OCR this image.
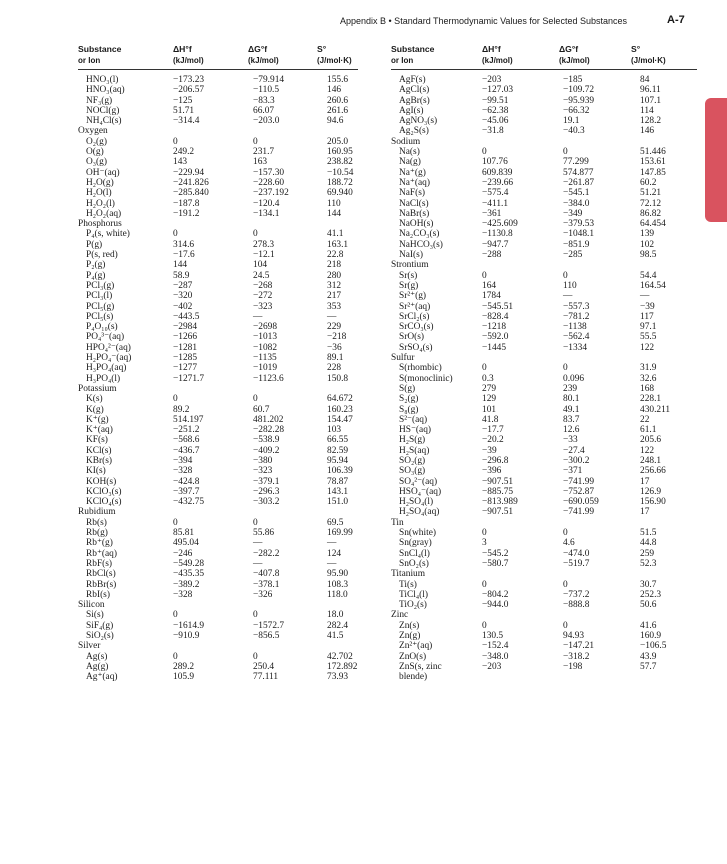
Appendix B • Standard Thermodynamic Values for Selected Substances	A-7
Substance
or Ion
ΔH°f
(kJ/mol)
ΔG°f
(kJ/mol)
S°
(J/mol·K)
HNO₃(l)	−173.23	−79.914	155.6
HNO₃(aq)	−206.57	−110.5	146
NF₃(g)	−125	−83.3	260.6
NOCl(g)	51.71	66.07	261.6
NH₄Cl(s)	−314.4	−203.0	94.6
Oxygen
O₂(g)	0	0	205.0
O(g)	249.2	231.7	160.95
O₃(g)	143	163	238.82
OH⁻(aq)	−229.94	−157.30	−10.54
H₂O(g)	−241.826	−228.60	188.72
H₂O(l)	−285.840	−237.192	69.940
H₂O₂(l)	−187.8	−120.4	110
H₂O₂(aq)	−191.2	−134.1	144
Phosphorus
P₄(s, white)	0	0	41.1
P(g)	314.6	278.3	163.1
P(s, red)	−17.6	−12.1	22.8
P₂(g)	144	104	218
P₄(g)	58.9	24.5	280
PCl₃(g)	−287	−268	312
PCl₃(l)	−320	−272	217
PCl₅(g)	−402	−323	353
PCl₅(s)	−443.5	—	—
P₄O₁₀(s)	−2984	−2698	229
PO₄³⁻(aq)	−1266	−1013	−218
HPO₄²⁻(aq)	−1281	−1082	−36
H₂PO₄⁻(aq)	−1285	−1135	89.1
H₃PO₄(aq)	−1277	−1019	228
H₃PO₄(l)	−1271.7	−1123.6	150.8
Potassium
K(s)	0	0	64.672
K(g)	89.2	60.7	160.23
K⁺(g)	514.197	481.202	154.47
K⁺(aq)	−251.2	−282.28	103
KF(s)	−568.6	−538.9	66.55
KCl(s)	−436.7	−409.2	82.59
KBr(s)	−394	−380	95.94
KI(s)	−328	−323	106.39
KOH(s)	−424.8	−379.1	78.87
KClO₃(s)	−397.7	−296.3	143.1
KClO₄(s)	−432.75	−303.2	151.0
Rubidium
Rb(s)	0	0	69.5
Rb(g)	85.81	55.86	169.99
Rb⁺(g)	495.04	—	—
Rb⁺(aq)	−246	−282.2	124
RbF(s)	−549.28	—	—
RbCl(s)	−435.35	−407.8	95.90
RbBr(s)	−389.2	−378.1	108.3
RbI(s)	−328	−326	118.0
Silicon
Si(s)	0	0	18.0
SiF₄(g)	−1614.9	−1572.7	282.4
SiO₂(s)	−910.9	−856.5	41.5
Silver
Ag(s)	0	0	42.702
Ag(g)	289.2	250.4	172.892
Ag⁺(aq)	105.9	77.111	73.93
Substance
or Ion
ΔH°f
(kJ/mol)
ΔG°f
(kJ/mol)
S°
(J/mol·K)
AgF(s)	−203	−185	84
AgCl(s)	−127.03	−109.72	96.11
AgBr(s)	−99.51	−95.939	107.1
AgI(s)	−62.38	−66.32	114
AgNO₃(s)	−45.06	19.1	128.2
Ag₂S(s)	−31.8	−40.3	146
Sodium
Na(s)	0	0	51.446
Na(g)	107.76	77.299	153.61
Na⁺(g)	609.839	574.877	147.85
Na⁺(aq)	−239.66	−261.87	60.2
NaF(s)	−575.4	−545.1	51.21
NaCl(s)	−411.1	−384.0	72.12
NaBr(s)	−361	−349	86.82
NaOH(s)	−425.609	−379.53	64.454
Na₂CO₃(s)	−1130.8	−1048.1	139
NaHCO₃(s)	−947.7	−851.9	102
NaI(s)	−288	−285	98.5
Strontium
Sr(s)	0	0	54.4
Sr(g)	164	110	164.54
Sr²⁺(g)	1784	—	—
Sr²⁺(aq)	−545.51	−557.3	−39
SrCl₂(s)	−828.4	−781.2	117
SrCO₃(s)	−1218	−1138	97.1
SrO(s)	−592.0	−562.4	55.5
SrSO₄(s)	−1445	−1334	122
Sulfur
S(rhombic)	0	0	31.9
S(monoclinic)	0.3	0.096	32.6
S(g)	279	239	168
S₂(g)	129	80.1	228.1
S₈(g)	101	49.1	430.211
S²⁻(aq)	41.8	83.7	22
HS⁻(aq)	−17.7	12.6	61.1
H₂S(g)	−20.2	−33	205.6
H₂S(aq)	−39	−27.4	122
SO₂(g)	−296.8	−300.2	248.1
SO₃(g)	−396	−371	256.66
SO₄²⁻(aq)	−907.51	−741.99	17
HSO₄⁻(aq)	−885.75	−752.87	126.9
H₂SO₄(l)	−813.989	−690.059	156.90
H₂SO₄(aq)	−907.51	−741.99	17
Tin
Sn(white)	0	0	51.5
Sn(gray)	3	4.6	44.8
SnCl₄(l)	−545.2	−474.0	259
SnO₂(s)	−580.7	−519.7	52.3
Titanium
Ti(s)	0	0	30.7
TiCl₄(l)	−804.2	−737.2	252.3
TiO₂(s)	−944.0	−888.8	50.6
Zinc
Zn(s)	0	0	41.6
Zn(g)	130.5	94.93	160.9
Zn²⁺(aq)	−152.4	−147.21	−106.5
ZnO(s)	−348.0	−318.2	43.9
ZnS(s, zinc	−203	−198	57.7
blende)
